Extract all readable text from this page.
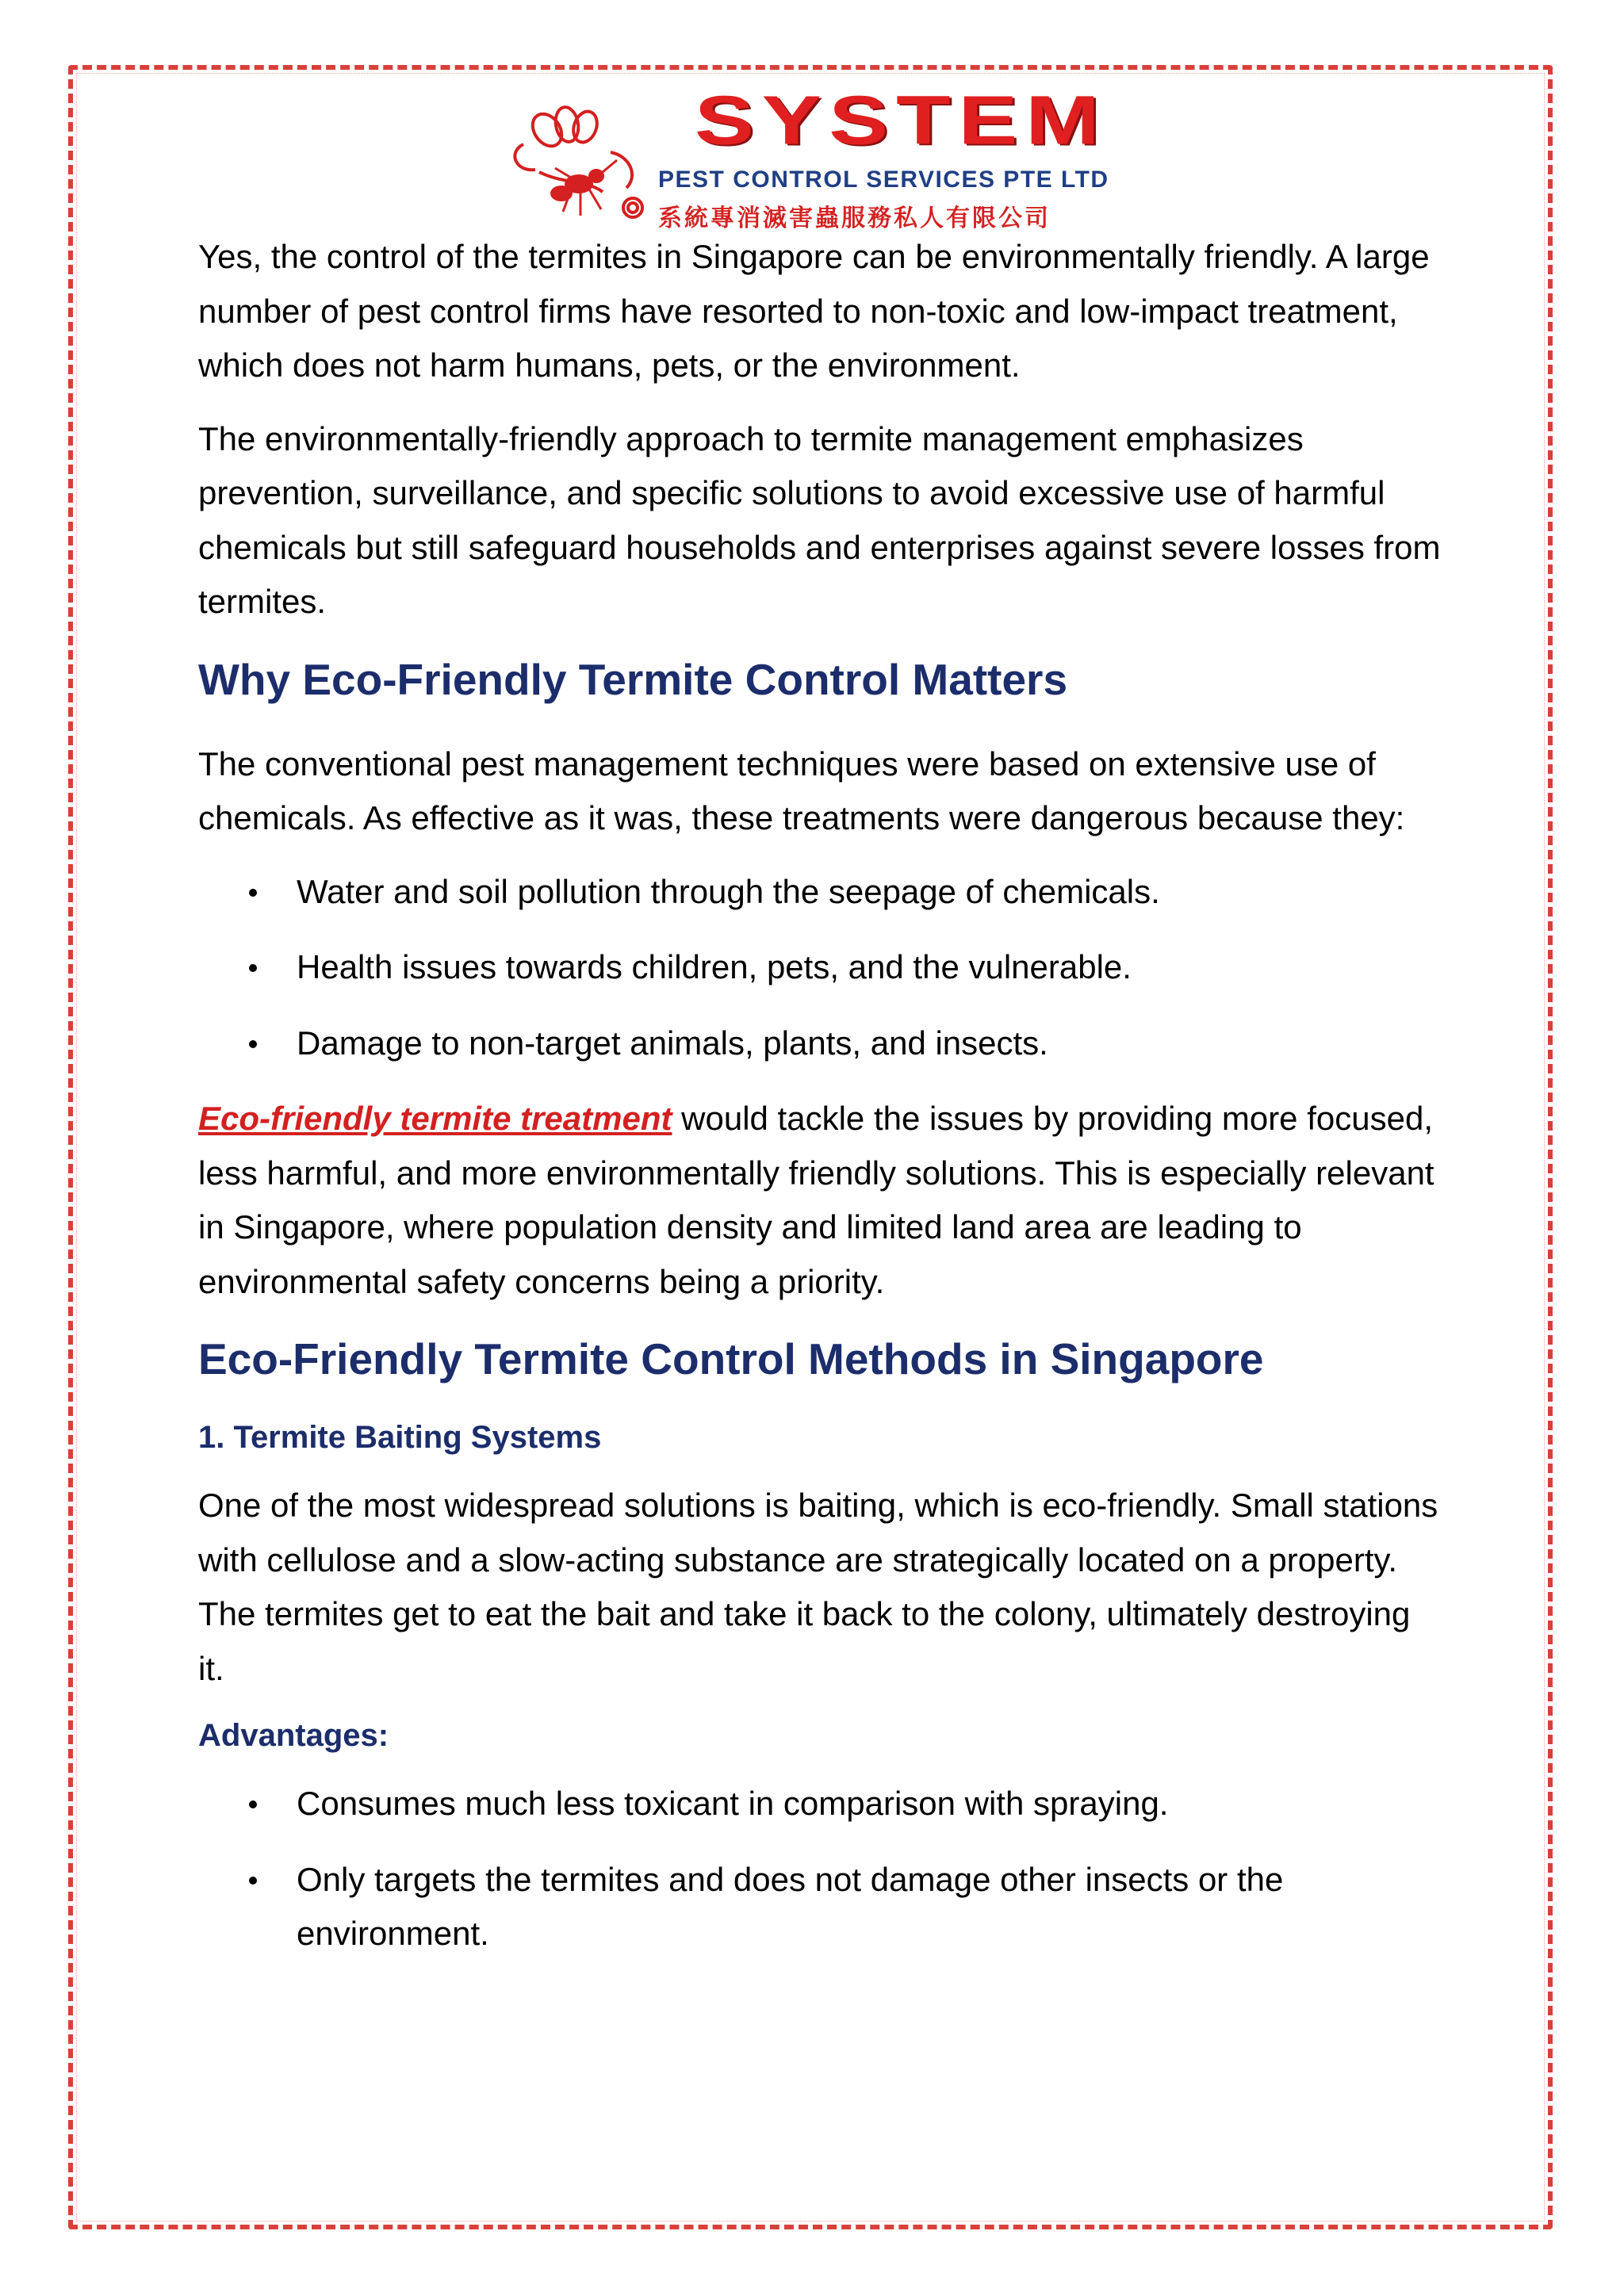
SYSTEM
PEST CONTROL SERVICES PTE LTD
系統專消滅害蟲服務私人有限公司

Yes, the control of the termites in Singapore can be environmentally friendly. A large number of pest control firms have resorted to non-toxic and low-impact treatment, which does not harm humans, pets, or the environment.

The environmentally-friendly approach to termite management emphasizes prevention, surveillance, and specific solutions to avoid excessive use of harmful chemicals but still safeguard households and enterprises against severe losses from termites.

Why Eco-Friendly Termite Control Matters

The conventional pest management techniques were based on extensive use of chemicals. As effective as it was, these treatments were dangerous because they:

Water and soil pollution through the seepage of chemicals.
Health issues towards children, pets, and the vulnerable.
Damage to non-target animals, plants, and insects.

Eco-friendly termite treatment would tackle the issues by providing more focused, less harmful, and more environmentally friendly solutions. This is especially relevant in Singapore, where population density and limited land area are leading to environmental safety concerns being a priority.

Eco-Friendly Termite Control Methods in Singapore
1. Termite Baiting Systems

One of the most widespread solutions is baiting, which is eco-friendly. Small stations with cellulose and a slow-acting substance are strategically located on a property. The termites get to eat the bait and take it back to the colony, ultimately destroying it.

Advantages:
Consumes much less toxicant in comparison with spraying.
Only targets the termites and does not damage other insects or the environment.
